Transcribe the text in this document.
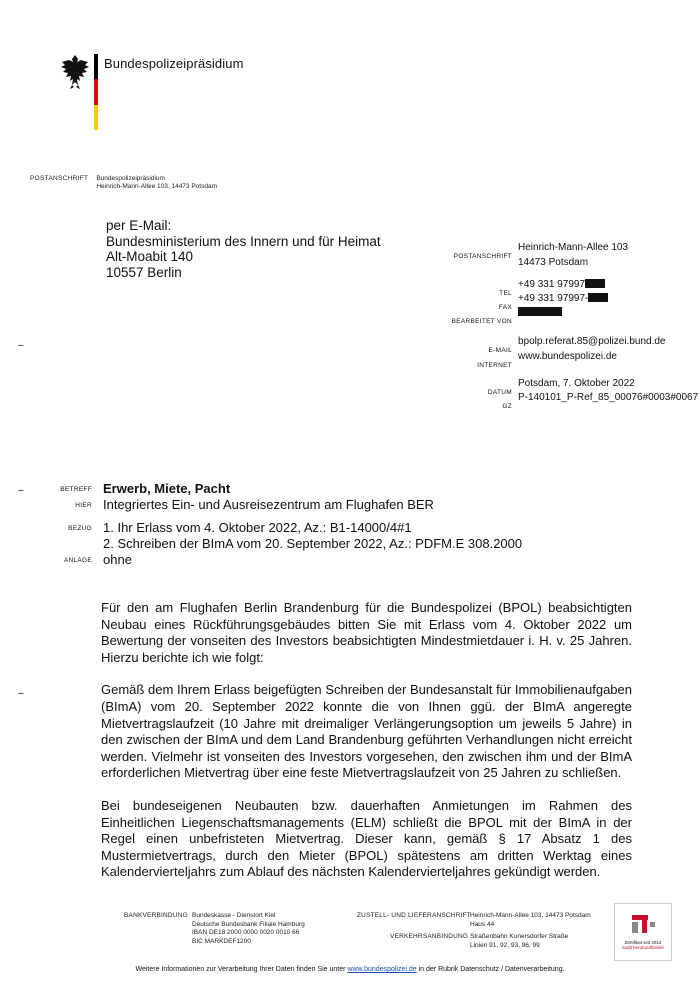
Bundespolizeipräsidium
POSTANSCHRIFT Bundespolizeipräsidium
Heinrich-Mann-Allee 103, 14473 Potsdam
per E-Mail:
Bundesministerium des Innern und für Heimat
Alt-Moabit 140
10557 Berlin
POSTANSCHRIFT
Heinrich-Mann-Allee 103
14473 Potsdam
TEL
+49 331 97997
FAX
+49 331 97997-
BEARBEITET VON
E-MAIL
bpolp.referat.85@polizei.bund.de
INTERNET
www.bundespolizei.de
DATUM
Potsdam, 7. Oktober 2022
GZ
P-140101_P-Ref_85_00076#0003#0067
–
–
–
BETREFF Erwerb, Miete, Pacht
HIER Integriertes Ein- und Ausreisezentrum am Flughafen BER
BEZUG 1. Ihr Erlass vom 4. Oktober 2022, Az.: B1-14000/4#1
2. Schreiben der BImA vom 20. September 2022, Az.: PDFM.E 308.2000
ANLAGE ohne

Für den am Flughafen Berlin Brandenburg für die Bundespolizei (BPOL) beabsichtigten Neubau eines Rückführungsgebäudes bitten Sie mit Erlass vom 4. Oktober 2022 um Bewertung der vonseiten des Investors beabsichtigten Mindestmietdauer i. H. v. 25 Jahren. Hierzu berichte ich wie folgt:

Gemäß dem Ihrem Erlass beigefügten Schreiben der Bundesanstalt für Immobilienaufgaben (BImA) vom 20. September 2022 konnte die von Ihnen ggü. der BImA angeregte Mietvertragslaufzeit (10 Jahre mit dreimaliger Verlängerungsoption um jeweils 5 Jahre) in den zwischen der BImA und dem Land Brandenburg geführten Verhandlungen nicht erreicht werden. Vielmehr ist vonseiten des Investors vorgesehen, den zwischen ihm und der BImA erforderlichen Mietvertrag über eine feste Mietvertragslaufzeit von 25 Jahren zu schließen.

Bei bundeseigenen Neubauten bzw. dauerhaften Anmietungen im Rahmen des Einheitlichen Liegenschaftsmanagements (ELM) schließt die BPOL mit der BImA in der Regel einen unbefristeten Mietvertrag. Dieser kann, gemäß § 17 Absatz 1 des Mustermietvertrags, durch den Mieter (BPOL) spätestens am dritten Werktag eines Kalendervierteljahrs zum Ablauf des nächsten Kalendervierteljahres gekündigt werden.

BANKVERBINDUNG Bundeskasse - Dienstort Kiel
Deutsche Bundesbank Filiale Hamburg
IBAN DE18 2000 0000 0020 0010 66
BIC MARKDEF1200
ZUSTELL- UND LIEFERANSCHRIFT Heinrich-Mann-Allee 103, 14473 Potsdam
Haus 44
VERKEHRSANBINDUNG Straßenbahn Kunersdorfer Straße
Linien 91, 92, 93, 96, 99	Zertifikat seit 2014
audit berufundfamilie
Weitere Informationen zur Verarbeitung Ihrer Daten finden Sie unter www.bundespolizei.de in der Rubrik Datenschutz / Datenverarbeitung.
